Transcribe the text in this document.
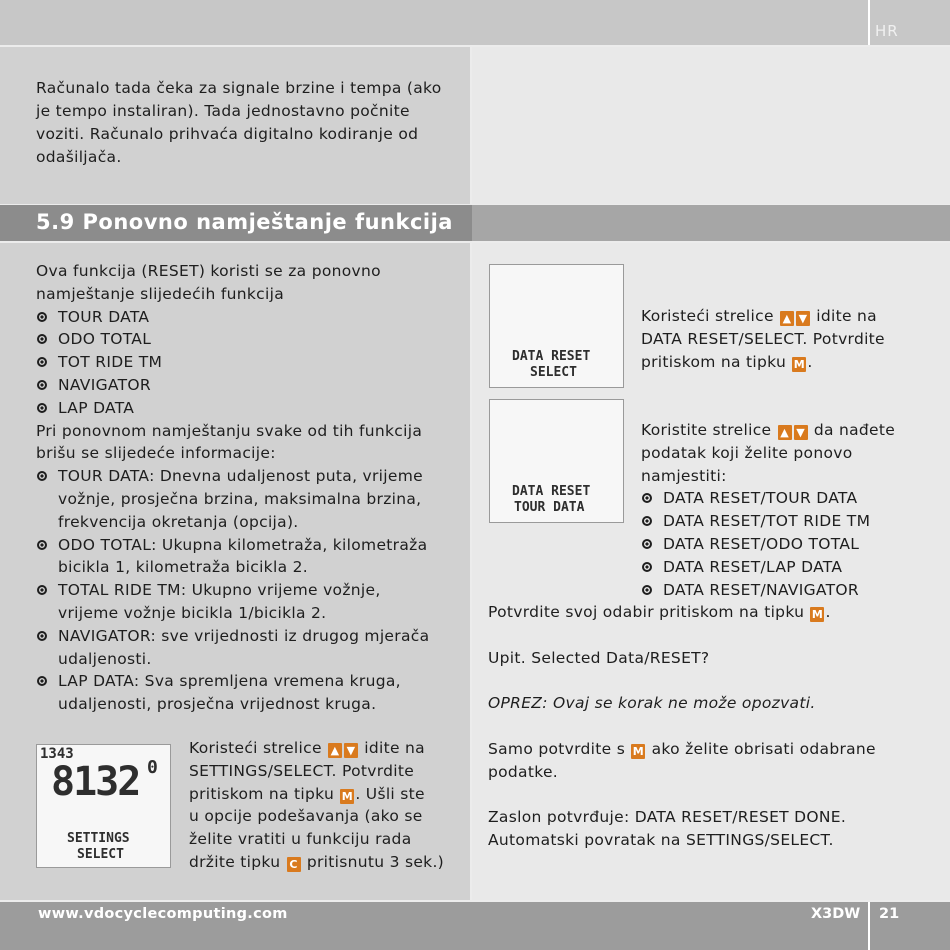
HR
Računalo tada čeka za signale brzine i tempa (ako
je tempo instaliran). Tada jednostavno počnite
voziti. Računalo prihvaća digitalno kodiranje od
odašiljača.
5.9 Ponovno namještanje funkcija
Ova funkcija (RESET) koristi se za ponovno
namještanje slijedećih funkcija
TOUR DATA
ODO TOTAL
TOT RIDE TM
NAVIGATOR
LAP DATA
Pri ponovnom namještanju svake od tih funkcija
brišu se slijedeće informacije:
TOUR DATA: Dnevna udaljenost puta, vrijeme
vožnje, prosječna brzina, maksimalna brzina,
frekvencija okretanja (opcija).
ODO TOTAL: Ukupna kilometraža, kilometraža
bicikla 1, kilometraža bicikla 2.
TOTAL RIDE TM: Ukupno vrijeme vožnje,
vrijeme vožnje bicikla 1/bicikla 2.
NAVIGATOR: sve vrijednosti iz drugog mjerača
udaljenosti.
LAP DATA: Sva spremljena vremena kruga,
udaljenosti, prosječna vrijednost kruga.
1343
8132 0
SETTINGS
SELECT
Koristeći strelice ▲ ▼ idite na
SETTINGS/SELECT. Potvrdite
pritiskom na tipku M . Ušli ste
u opcije podešavanja (ako se
želite vratiti u funkciju rada
držite tipku C pritisnutu 3 sek.)
DATA RESET
SELECT
Koristeći strelice ▲ ▼ idite na
DATA RESET/SELECT. Potvrdite
pritiskom na tipku M .
DATA RESET
TOUR DATA
Koristite strelice ▲ ▼ da nađete
podatak koji želite ponovo
namjestiti:
DATA RESET/TOUR DATA
DATA RESET/TOT RIDE TM
DATA RESET/ODO TOTAL
DATA RESET/LAP DATA
DATA RESET/NAVIGATOR
Potvrdite svoj odabir pritiskom na tipku M .
Upit. Selected Data/RESET?
OPREZ: Ovaj se korak ne može opozvati.
Samo potvrdite s M ako želite obrisati odabrane
podatke.
Zaslon potvrđuje: DATA RESET/RESET DONE.
Automatski povratak na SETTINGS/SELECT.
www.vdocyclecomputing.com	X3DW 21
